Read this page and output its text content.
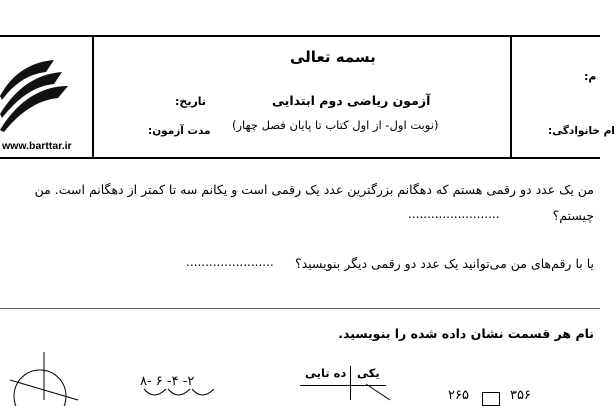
www.barttar.ir
بسمه تعالی
آزمون ریاضی دوم ابتدایی
(نوبت اول- از اول کتاب تا پایان فصل چهار)
تاریخ:
مدت آزمون:
م:
ام خانوادگی:
من یک عدد دو رقمی هستم که دهگانم بزرگترین عدد یک رقمی است و یکانم سه تا کمتر از دهگانم است. من
چیستم؟
........................
یا با رقم‌های من می‌توانید یک عدد دو رقمی دیگر بنویسید؟
.......................
نام هر قسمت نشان داده شده را بنویسید.
یکی
ده تایی
۸- ۶ -۴ -۲
۳۵۶
۲۶۵
